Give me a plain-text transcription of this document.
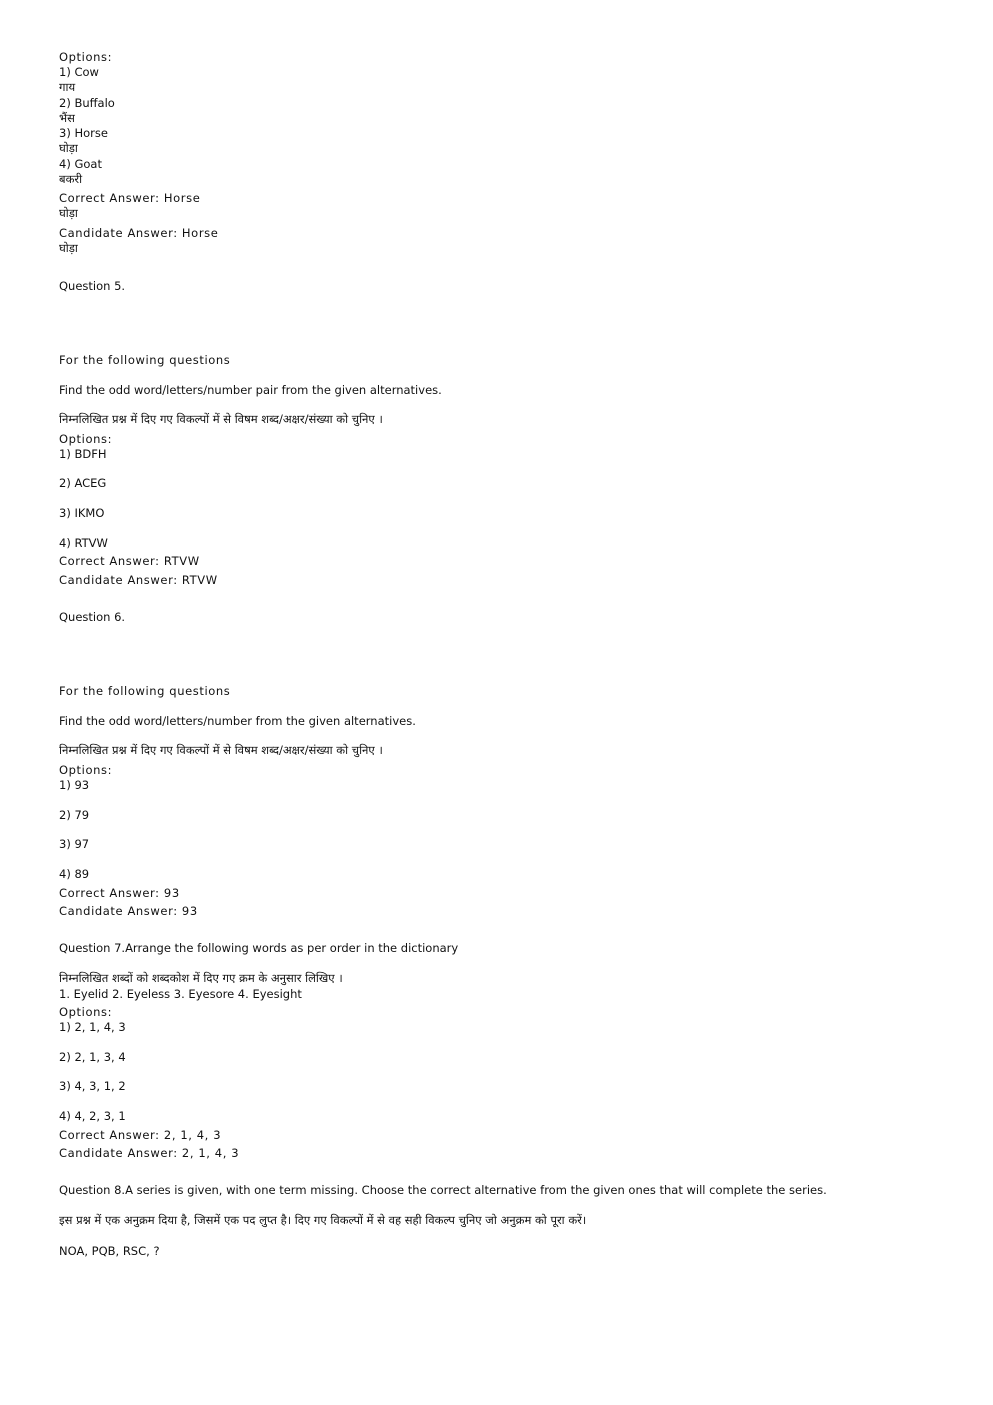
Options:
1) Cow
गाय
2) Buffalo
भैंस
3) Horse
घोड़ा
4) Goat
बकरी
Correct Answer: Horse
घोड़ा
Candidate Answer: Horse
घोड़ा
Question 5.
For the following questions
Find the odd word/letters/number pair from the given alternatives.
निम्नलिखित प्रश्न में दिए गए विकल्पों में से विषम शब्द/अक्षर/संख्या को चुनिए ।
Options:
1) BDFH
2) ACEG
3) IKMO
4) RTVW
Correct Answer: RTVW
Candidate Answer: RTVW
Question 6.
For the following questions
Find the odd word/letters/number from the given alternatives.
निम्नलिखित प्रश्न में दिए गए विकल्पों में से विषम शब्द/अक्षर/संख्या को चुनिए ।
Options:
1) 93
2) 79
3) 97
4) 89
Correct Answer: 93
Candidate Answer: 93
Question 7.Arrange the following words as per order in the dictionary
निम्नलिखित शब्दों को शब्दकोश में दिए गए क्रम के अनुसार लिखिए ।
1. Eyelid 2. Eyeless 3. Eyesore 4. Eyesight
Options:
1) 2, 1, 4, 3
2) 2, 1, 3, 4
3) 4, 3, 1, 2
4) 4, 2, 3, 1
Correct Answer: 2, 1, 4, 3
Candidate Answer: 2, 1, 4, 3
Question 8.A series is given, with one term missing. Choose the correct alternative from the given ones that will complete the series.
इस प्रश्न में एक अनुक्रम दिया है, जिसमें एक पद लुप्त है। दिए गए विकल्पों में से वह सही विकल्प चुनिए जो अनुक्रम को पूरा करें।
NOA, PQB, RSC, ?
